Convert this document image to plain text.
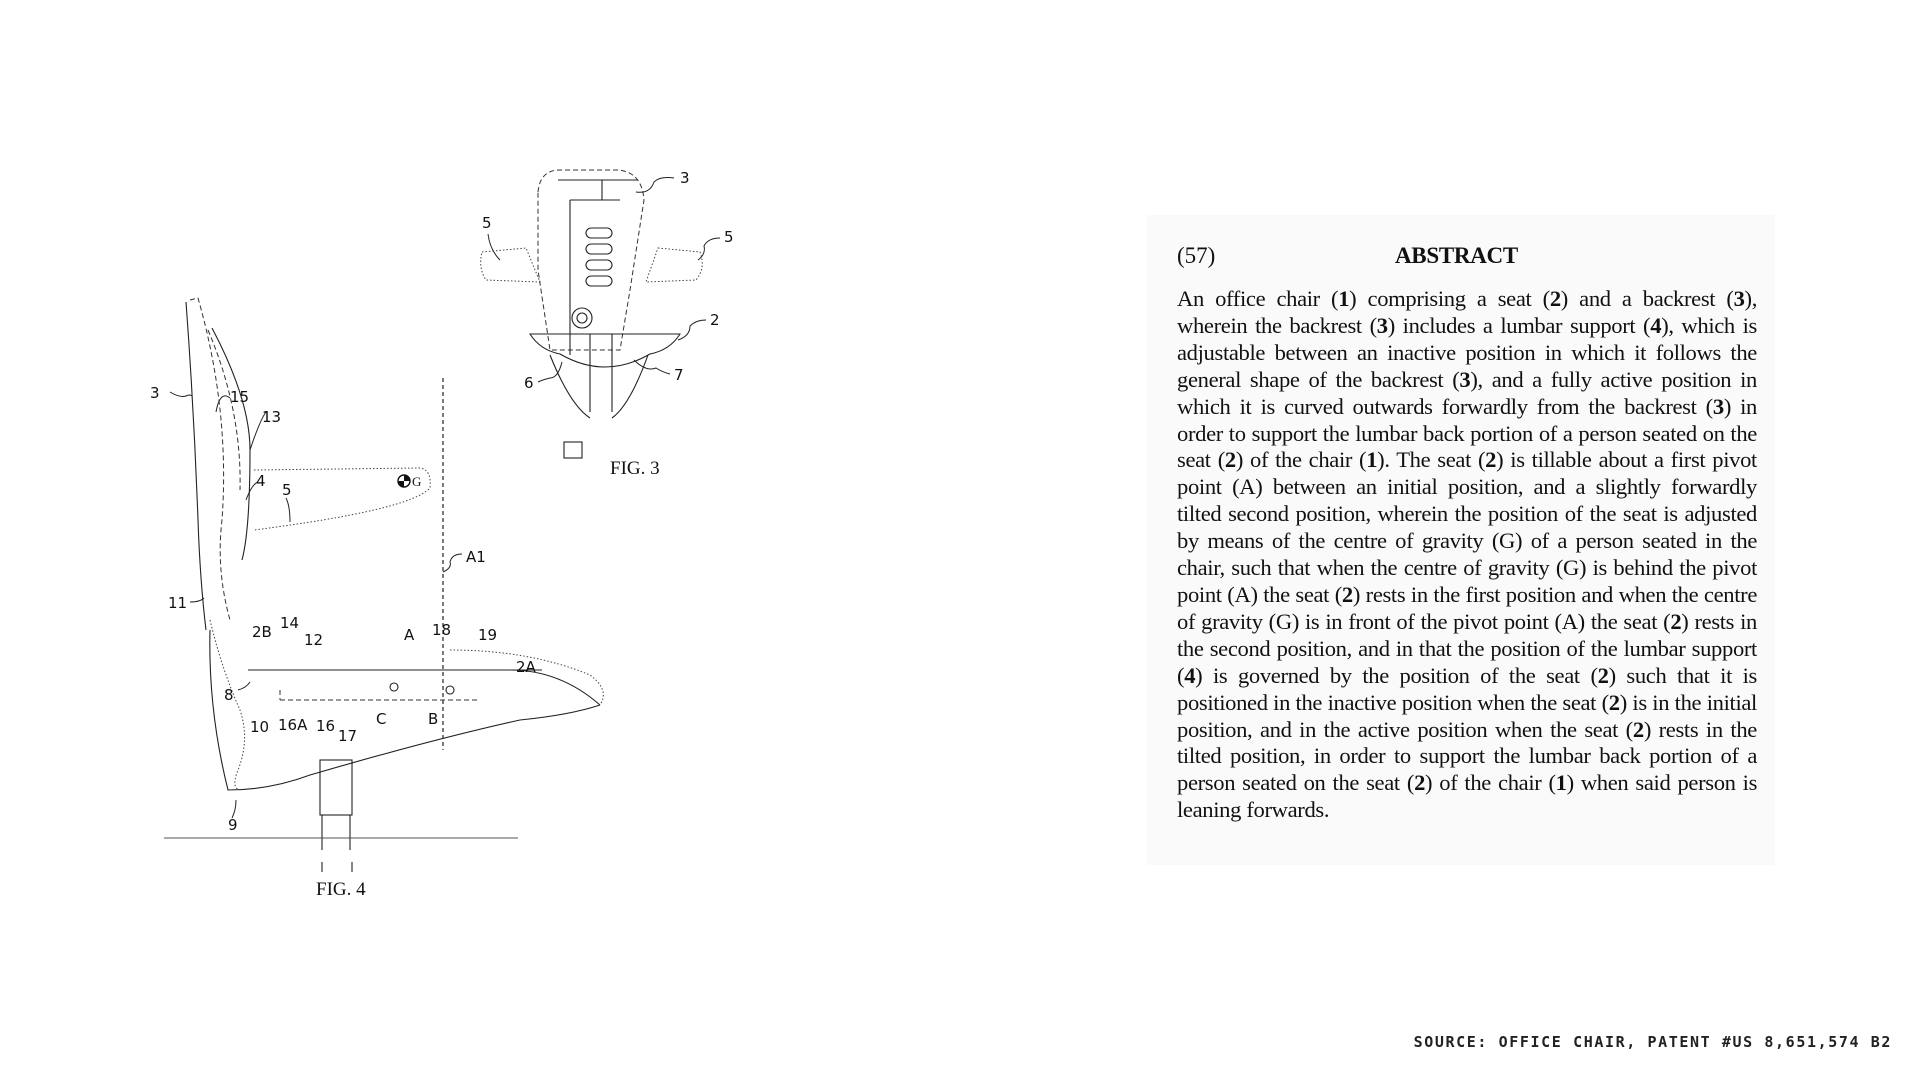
3
5
5
2
6	7
FIG. 3
3	15
13
4 5	G
A1
11
2B 14
12	A 18 19
2A
8
10 16A 16
17
C	B
9
FIG. 4
(57)	ABSTRACT
An office chair (1) comprising a seat (2) and a backrest (3), wherein the backrest (3) includes a lumbar support (4), which is adjustable between an inactive position in which it follows the general shape of the backrest (3), and a fully active position in which it is curved outwards forwardly from the backrest (3) in order to support the lumbar back portion of a person seated on the seat (2) of the chair (1). The seat (2) is tillable about a first pivot point (A) between an initial position, and a slightly forwardly tilted second position, wherein the position of the seat is adjusted by means of the centre of gravity (G) of a person seated in the chair, such that when the centre of gravity (G) is behind the pivot point (A) the seat (2) rests in the first position and when the centre of gravity (G) is in front of the pivot point (A) the seat (2) rests in the second position, and in that the position of the lumbar support (4) is governed by the position of the seat (2) such that it is positioned in the inactive position when the seat (2) is in the initial position, and in the active position when the seat (2) rests in the tilted position, in order to support the lumbar back portion of a person seated on the seat (2) of the chair (1) when said person is leaning forwards.
SOURCE: OFFICE CHAIR, PATENT #US 8,651,574 B2
